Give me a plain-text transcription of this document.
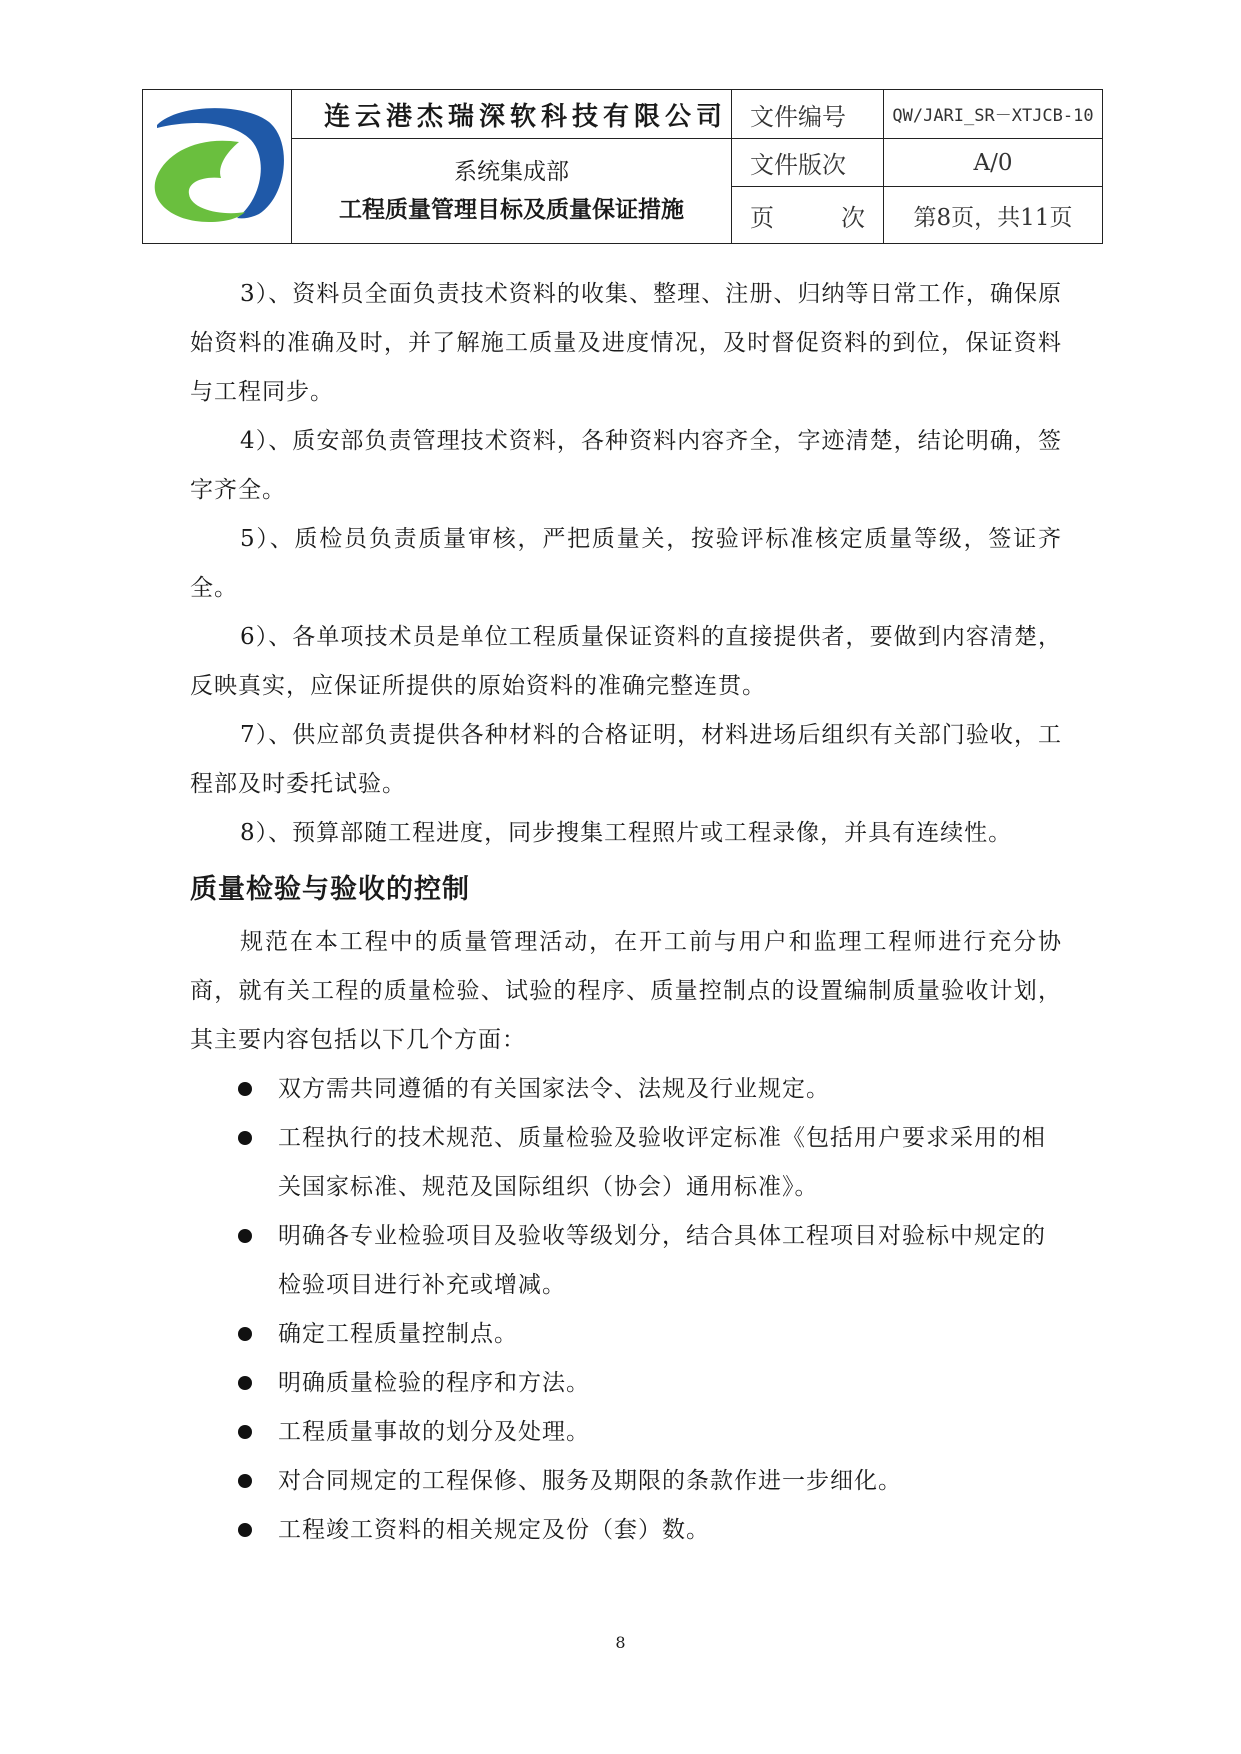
	连云港杰瑞深软科技有限公司	文件编号	QW/JARI_SR－XTJCB-10

	系统集成部
工程质量管理目标及质量保证措施	文件版次	A/0

		页 次	第8页，共11页

3）、资料员全面负责技术资料的收集、整理、注册、归纳等日常工作，确保原始资料的准确及时，并了解施工质量及进度情况，及时督促资料的到位，保证资料与工程同步。

4）、质安部负责管理技术资料，各种资料内容齐全，字迹清楚，结论明确，签字齐全。

5）、质检员负责质量审核，严把质量关，按验评标准核定质量等级，签证齐全。

6）、各单项技术员是单位工程质量保证资料的直接提供者，要做到内容清楚，反映真实，应保证所提供的原始资料的准确完整连贯。

7）、供应部负责提供各种材料的合格证明，材料进场后组织有关部门验收，工程部及时委托试验。

8）、预算部随工程进度，同步搜集工程照片或工程录像，并具有连续性。

质量检验与验收的控制

规范在本工程中的质量管理活动，在开工前与用户和监理工程师进行充分协商，就有关工程的质量检验、试验的程序、质量控制点的设置编制质量验收计划，其主要内容包括以下几个方面：

双方需共同遵循的有关国家法令、法规及行业规定。
工程执行的技术规范、质量检验及验收评定标准《包括用户要求采用的相关国家标准、规范及国际组织（协会）通用标准》。
明确各专业检验项目及验收等级划分，结合具体工程项目对验标中规定的检验项目进行补充或增减。
确定工程质量控制点。
明确质量检验的程序和方法。
工程质量事故的划分及处理。
对合同规定的工程保修、服务及期限的条款作进一步细化。
工程竣工资料的相关规定及份（套）数。
8
